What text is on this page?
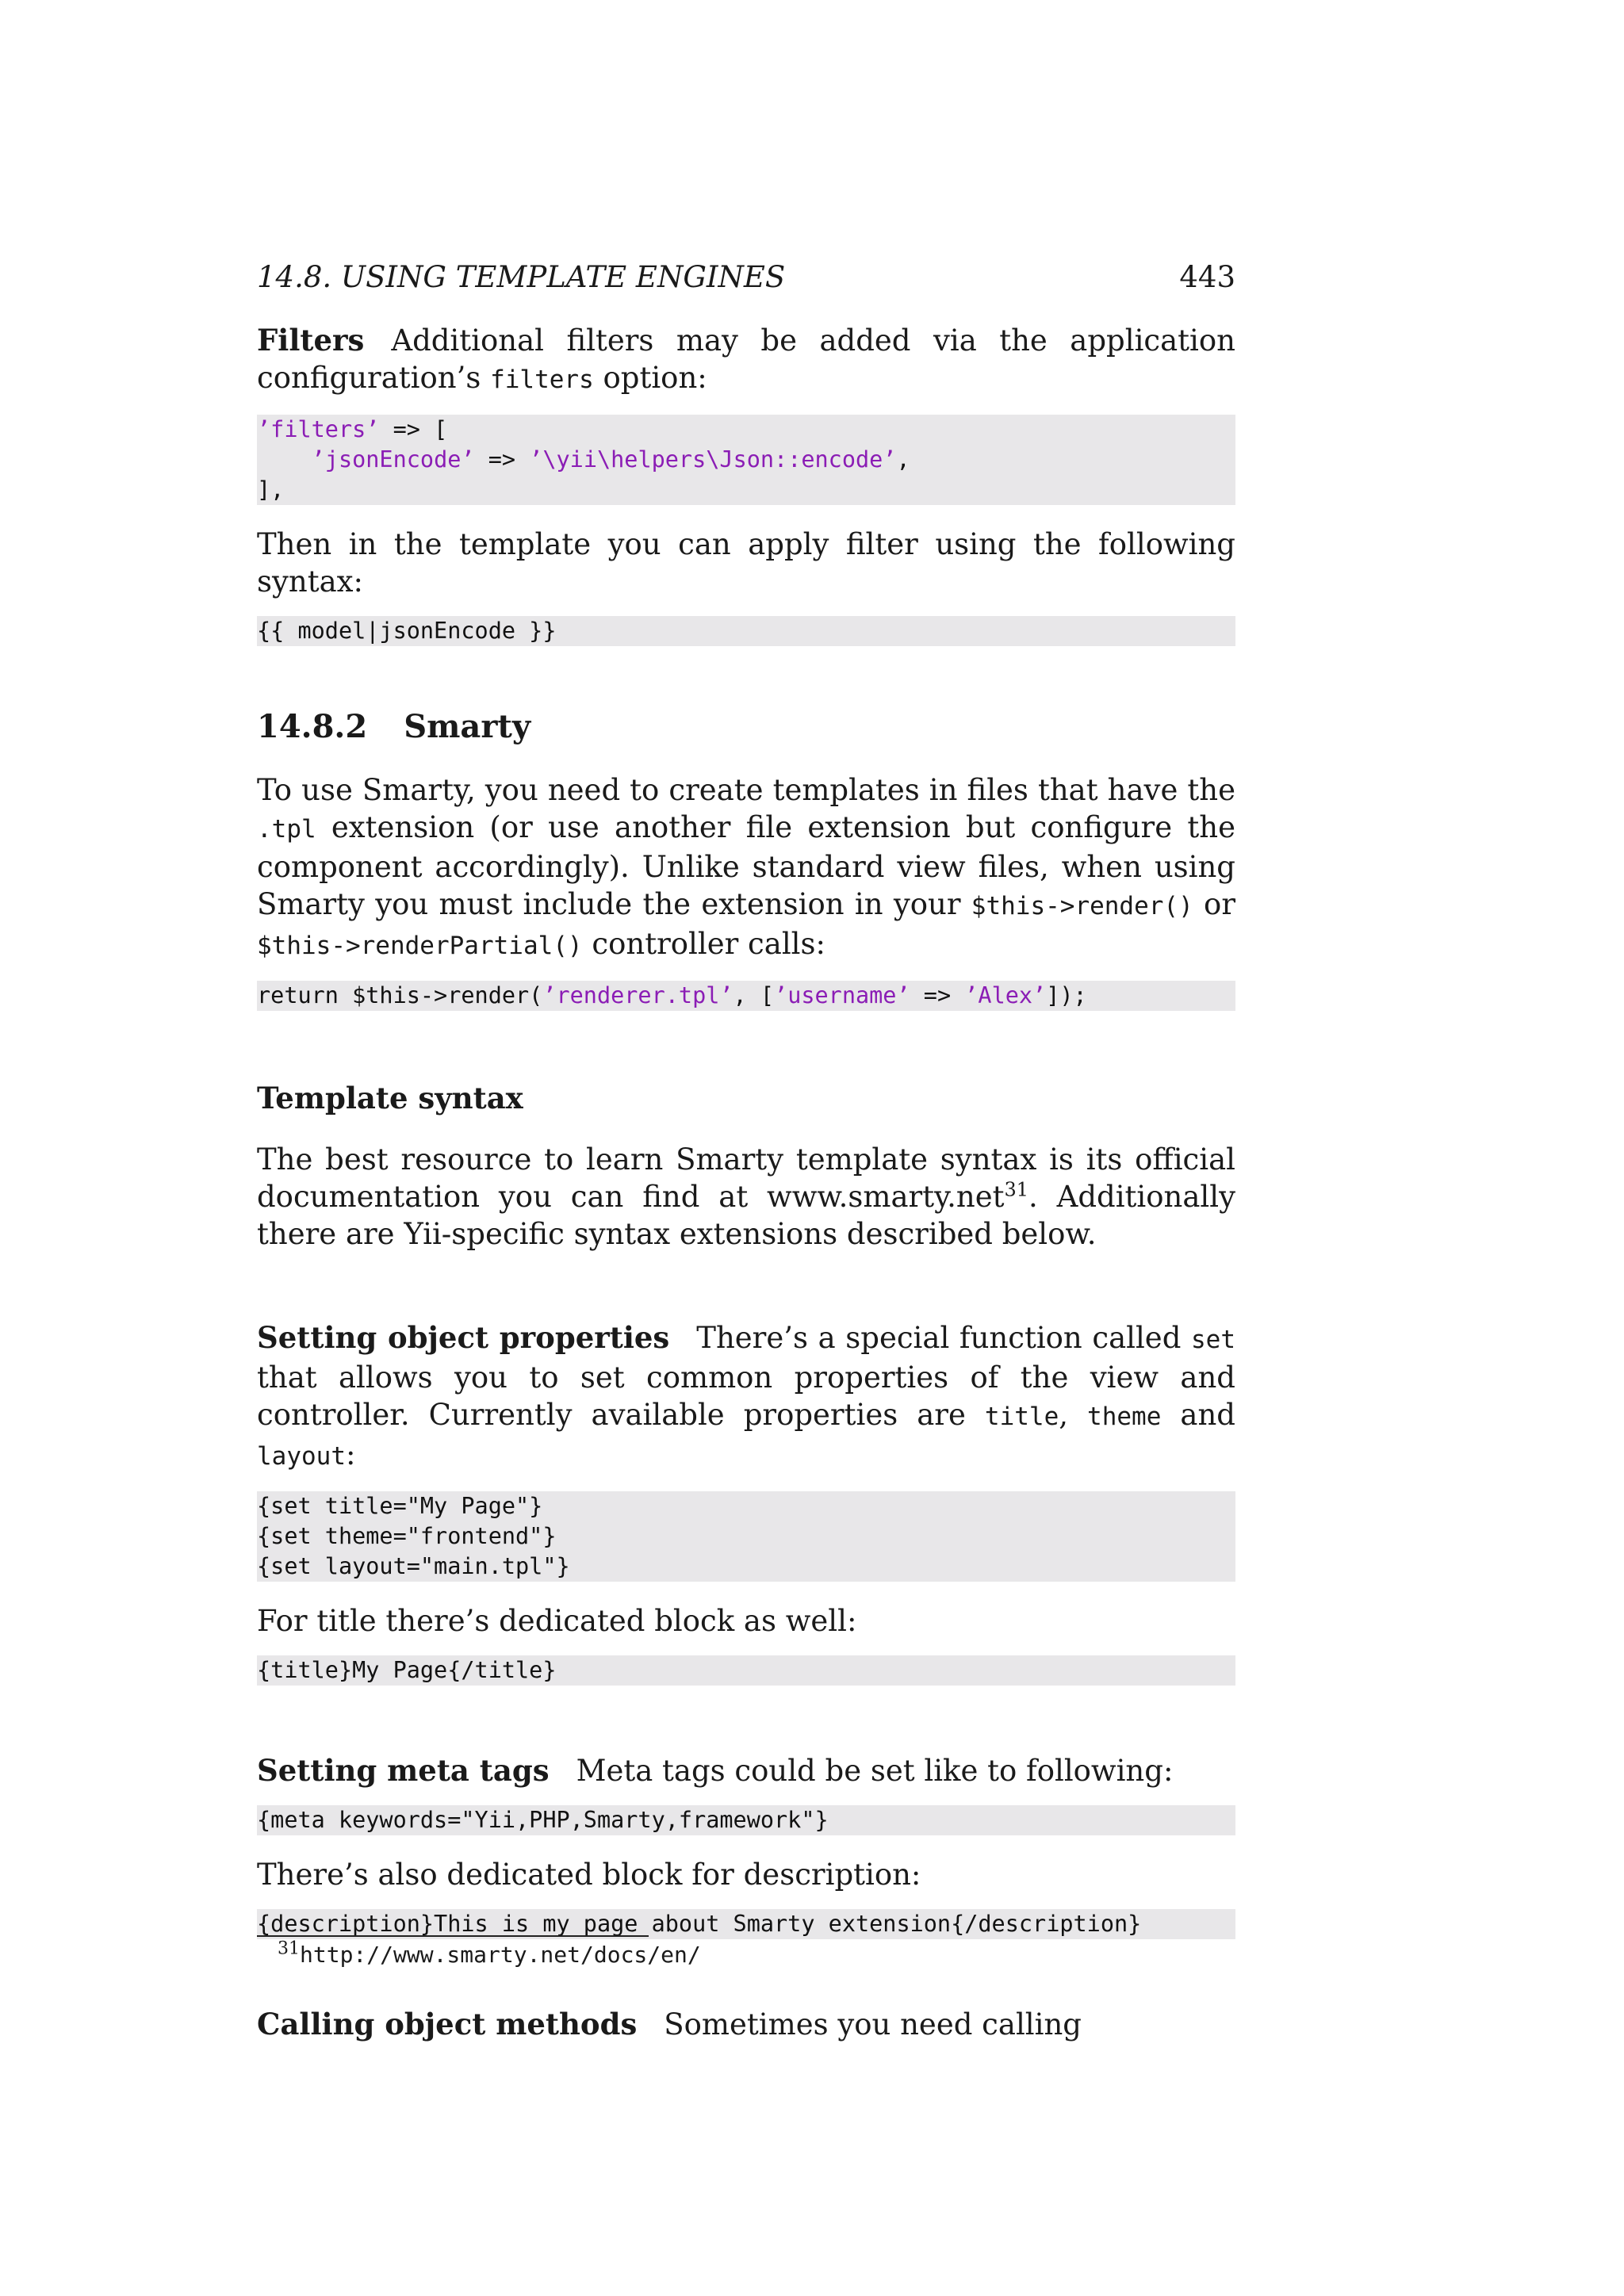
14.8. USING TEMPLATE ENGINES	443

Filters Additional filters may be added via the application configuration’s filters option:

’filters’ => [
’jsonEncode’ => ’\yii\helpers\Json::encode’,
],

Then in the template you can apply filter using the following syntax:

{{ model|jsonEncode }}
14.8.2 Smarty

To use Smarty, you need to create templates in files that have the .tpl extension (or use another file extension but configure the component accordingly). Unlike standard view files, when using Smarty you must include the extension in your $this->render() or $this->renderPartial() controller calls:

return $this->render(’renderer.tpl’, [’username’ => ’Alex’]);
Template syntax

The best resource to learn Smarty template syntax is its official documentation you can find at www.smarty.net$^{31}$. Additionally there are Yii-specific syntax extensions described below.

Setting object properties There’s a special function called set that allows you to set common properties of the view and controller. Currently available properties are title, theme and layout:

{set title="My Page"}
{set theme="frontend"}
{set layout="main.tpl"}

For title there’s dedicated block as well:

{title}My Page{/title}

Setting meta tags Meta tags could be set like to following:

{meta keywords="Yii,PHP,Smarty,framework"}

There’s also dedicated block for description:

{description}This is my page about Smarty extension{/description}

Calling object methods Sometimes you need calling

$^{31}$http://www.smarty.net/docs/en/
